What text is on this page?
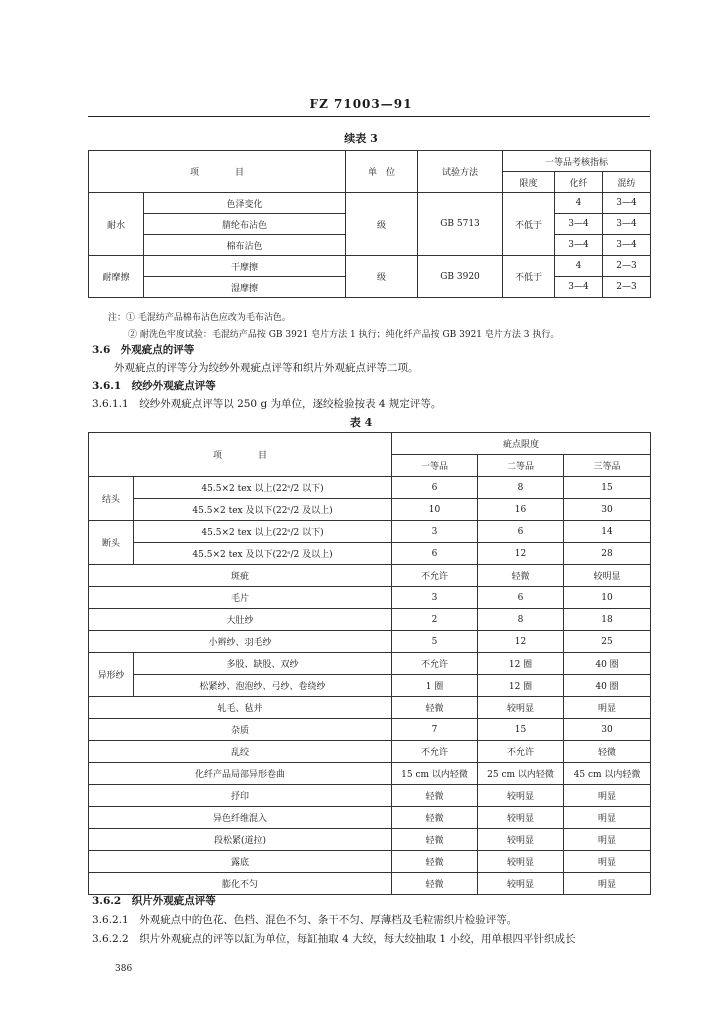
FZ 71003—91
续表 3
项　　　　目		单　位	试验方法	一等品考核指标		
				限度	化纤	混纺
耐水	色泽变化	级	GB 5713	不低于	4	3—4
	腈纶布沾色				3—4	3—4
	棉布沾色				3—4	3—4
耐摩擦	干摩擦	级	GB 3920	不低于	4	2—3
	湿摩擦				3—4	2—3
注：① 毛混纺产品棉布沾色应改为毛布沾色。
② 耐洗色牢度试验：毛混纺产品按 GB 3921 皂片方法 1 执行；纯化纤产品按 GB 3921 皂片方法 3 执行。
3.6　外观疵点的评等
外观疵点的评等分为绞纱外观疵点评等和织片外观疵点评等二项。
3.6.1　绞纱外观疵点评等
3.6.1.1　绞纱外观疵点评等以 250 g 为单位，逐绞检验按表 4 规定评等。
表 4
项　　　　目		疵点限度		
		一等品	二等品	三等品
结头	45.5×2 tex 以上(22ˢ/2 以下)	6	8	15
	45.5×2 tex 及以下(22ˢ/2 及以上)	10	16	30
断头	45.5×2 tex 以上(22ˢ/2 以下)	3	6	14
	45.5×2 tex 及以下(22ˢ/2 及以上)	6	12	28
斑疵		不允许	轻微	较明显
毛片		3	6	10
大肚纱		2	8	18
小辫纱、羽毛纱		5	12	25
异形纱	多股、缺股、双纱	不允许	12 圈	40 圈
	松紧纱、泡泡纱、弓纱、卷绕纱	1 圈	12 圈	40 圈
轧毛、毡并		轻微	较明显	明显
杂质		7	15	30
乱绞		不允许	不允许	轻微
化纤产品局部异形卷曲		15 cm 以内轻微	25 cm 以内轻微	45 cm 以内轻微
抒印		轻微	较明显	明显
异色纤维混入		轻微	较明显	明显
段松紧(道拉)		轻微	较明显	明显
露底		轻微	较明显	明显
膨化不匀		轻微	较明显	明显
3.6.2　织片外观疵点评等
3.6.2.1　外观疵点中的色花、色档、混色不匀、条干不匀、厚薄档及毛粒需织片检验评等。
3.6.2.2　织片外观疵点的评等以缸为单位，每缸抽取 4 大绞，每大绞抽取 1 小绞，用单根四平针织成长
386
